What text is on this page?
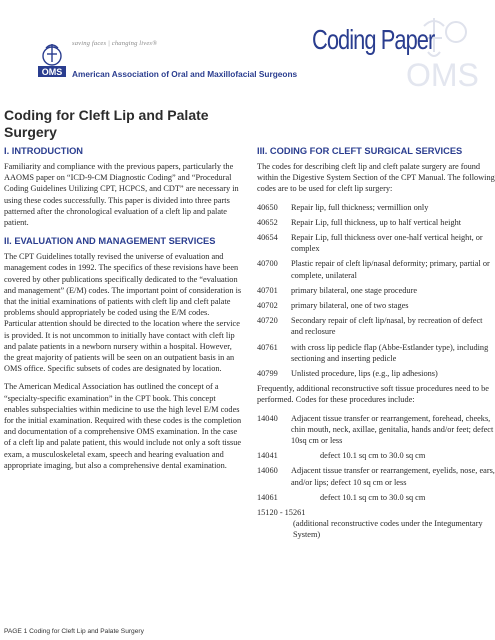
OMS
saving faces | changing lives®
OMS American Association of Oral and Maxillofacial Surgeons
Coding Paper
Coding for Cleft Lip and Palate Surgery
I. INTRODUCTION

Familiarity and compliance with the previous papers, particularly the AAOMS paper on “ICD-9-CM Diagnostic Coding” and “Procedural Coding Guidelines Utilizing CPT, HCPCS, and CDT” are necessary in using these codes successfully. This paper is divided into three parts patterned after the chronological evaluation of a cleft lip and palate patient.

II. EVALUATION AND MANAGEMENT SERVICES

The CPT Guidelines totally revised the universe of evaluation and management codes in 1992. The specifics of these revisions have been covered by other publications specifically dedicated to the “evaluation and management” (E/M) codes. The important point of consideration is that the initial examinations of patients with cleft lip and cleft palate problems should appropriately be coded using the E/M codes. Particular attention should be directed to the location where the service is provided. It is not uncommon to initially have contact with cleft lip and palate patients in a newborn nursery within a hospital. However, the great majority of patients will be seen on an outpatient basis in an OMS office. Specific subsets of codes are designated by location.

The American Medical Association has outlined the concept of a “specialty-specific examination” in the CPT book. This concept enables subspecialties within medicine to use the high level E/M codes for the initial examination. Required with these codes is the completion and documentation of a comprehensive OMS examination. In the case of a cleft lip and palate patient, this would include not only a soft tissue exam, a musculoskeletal exam, speech and hearing evaluation and appropriate imaging, but also a comprehensive dental examination.

III. CODING FOR CLEFT SURGICAL SERVICES

The codes for describing cleft lip and cleft palate surgery are found within the Digestive System Section of the CPT Manual. The following codes are to be used for cleft lip surgery:

40650	Repair lip, full thickness; vermillion only
40652	Repair Lip, full thickness, up to half vertical height
40654	Repair Lip, full thickness over one-half vertical height, or complex
40700	Plastic repair of cleft lip/nasal deformity; primary, partial or complete, unilateral
40701	primary bilateral, one stage procedure
40702	primary bilateral, one of two stages
40720	Secondary repair of cleft lip/nasal, by recreation of defect and reclosure
40761	with cross lip pedicle flap (Abbe-Estlander type), including sectioning and inserting pedicle
40799	Unlisted procedure, lips (e.g., lip adhesions)

Frequently, additional reconstructive soft tissue procedures need to be performed. Codes for these procedures include:

14040	Adjacent tissue transfer or rearrangement, forehead, cheeks, chin mouth, neck, axillae, genitalia, hands and/or feet; defect 10sq cm or less
14041	defect 10.1 sq cm to 30.0 sq cm
14060	Adjacent tissue transfer or rearrangement, eyelids, nose, ears, and/or lips; defect 10 sq cm or less
14061	defect 10.1 sq cm to 30.0 sq cm
15120 - 15261
(additional reconstructive codes under the Integumentary System)
PAGE 1 Coding for Cleft Lip and Palate Surgery
